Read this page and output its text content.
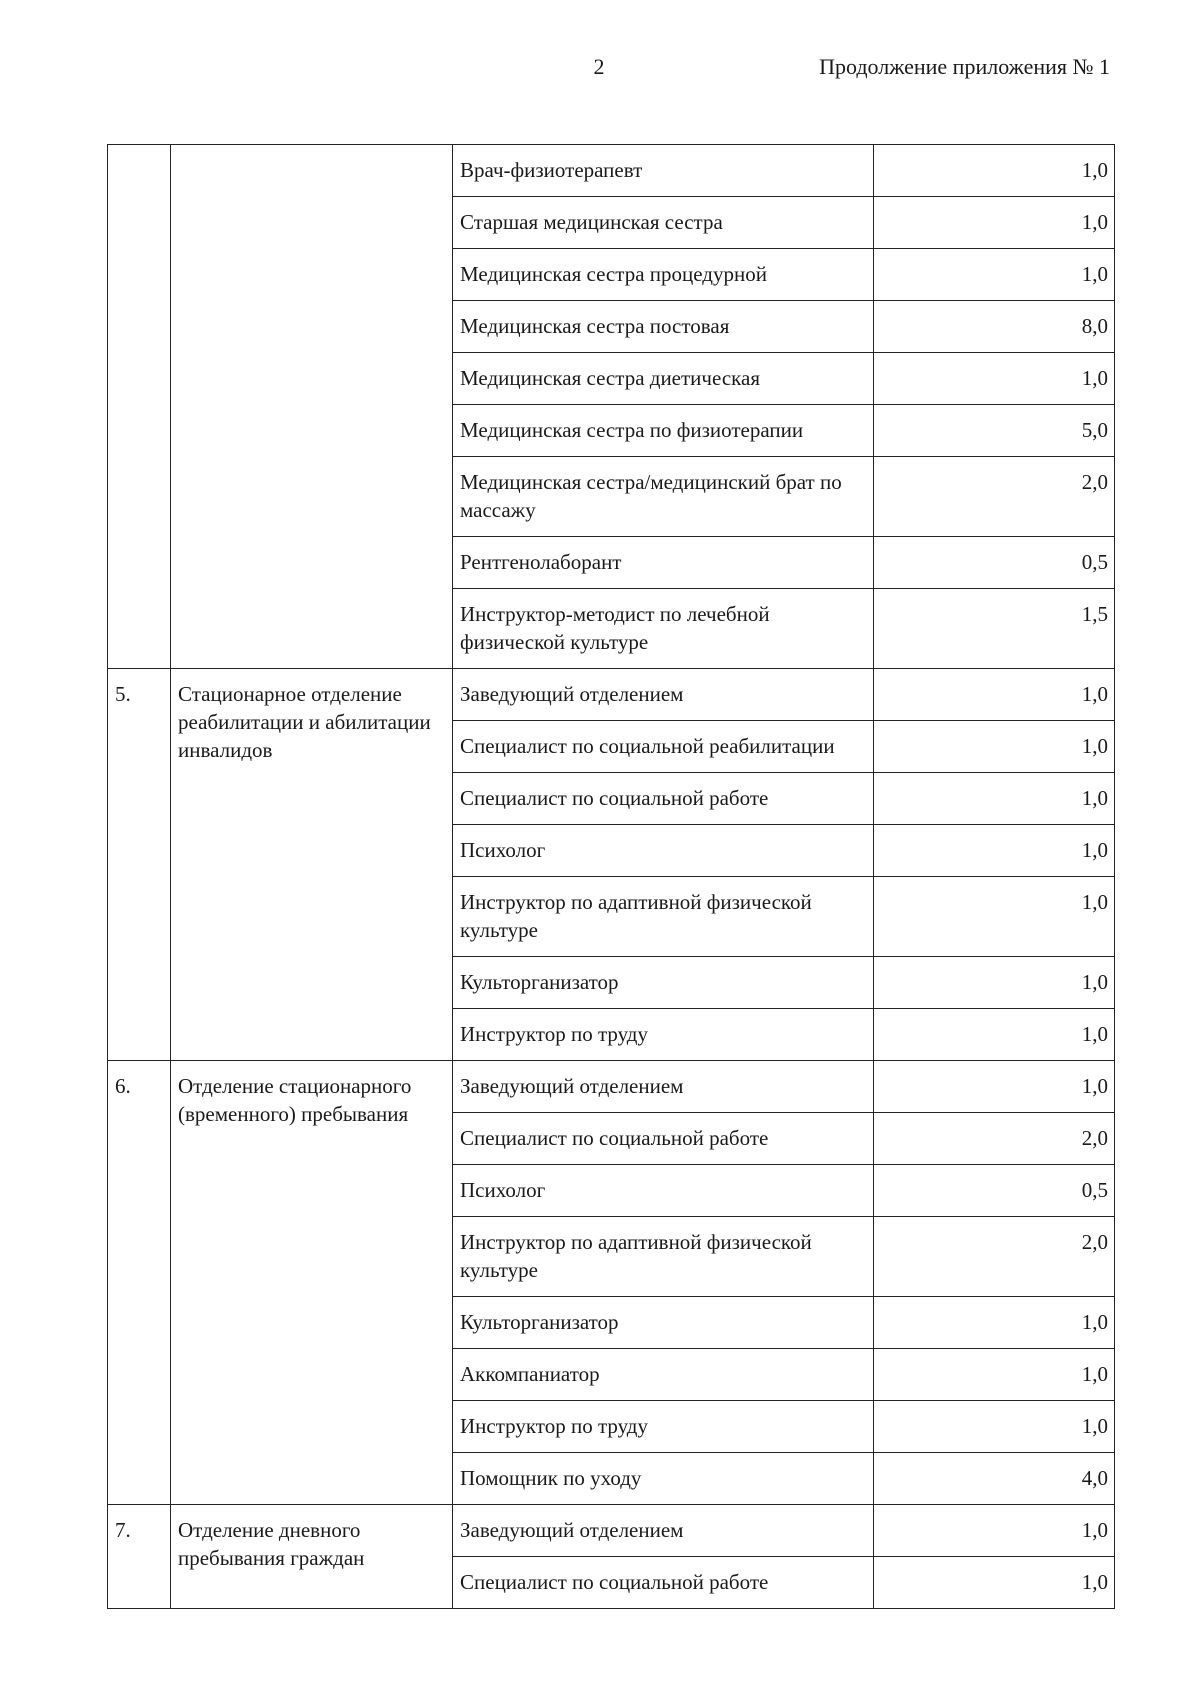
2	Продолжение приложения № 1
		Врач-физиотерапевт	1,0
		Старшая медицинская сестра	1,0
		Медицинская сестра процедурной	1,0
		Медицинская сестра постовая	8,0
		Медицинская сестра диетическая	1,0
		Медицинская сестра по физиотерапии	5,0
		Медицинская сестра/медицинский брат по массажу	2,0
		Рентгенолаборант	0,5
		Инструктор-методист по лечебной физической культуре	1,5
5.	Стационарное отделение реабилитации и абилитации инвалидов	Заведующий отделением	1,0
		Специалист по социальной реабилитации	1,0
		Специалист по социальной работе	1,0
		Психолог	1,0
		Инструктор по адаптивной физической культуре	1,0
		Культорганизатор	1,0
		Инструктор по труду	1,0
6.	Отделение стационарного (временного) пребывания	Заведующий отделением	1,0
		Специалист по социальной работе	2,0
		Психолог	0,5
		Инструктор по адаптивной физической культуре	2,0
		Культорганизатор	1,0
		Аккомпаниатор	1,0
		Инструктор по труду	1,0
		Помощник по уходу	4,0
7.	Отделение дневного пребывания граждан	Заведующий отделением	1,0
		Специалист по социальной работе	1,0
